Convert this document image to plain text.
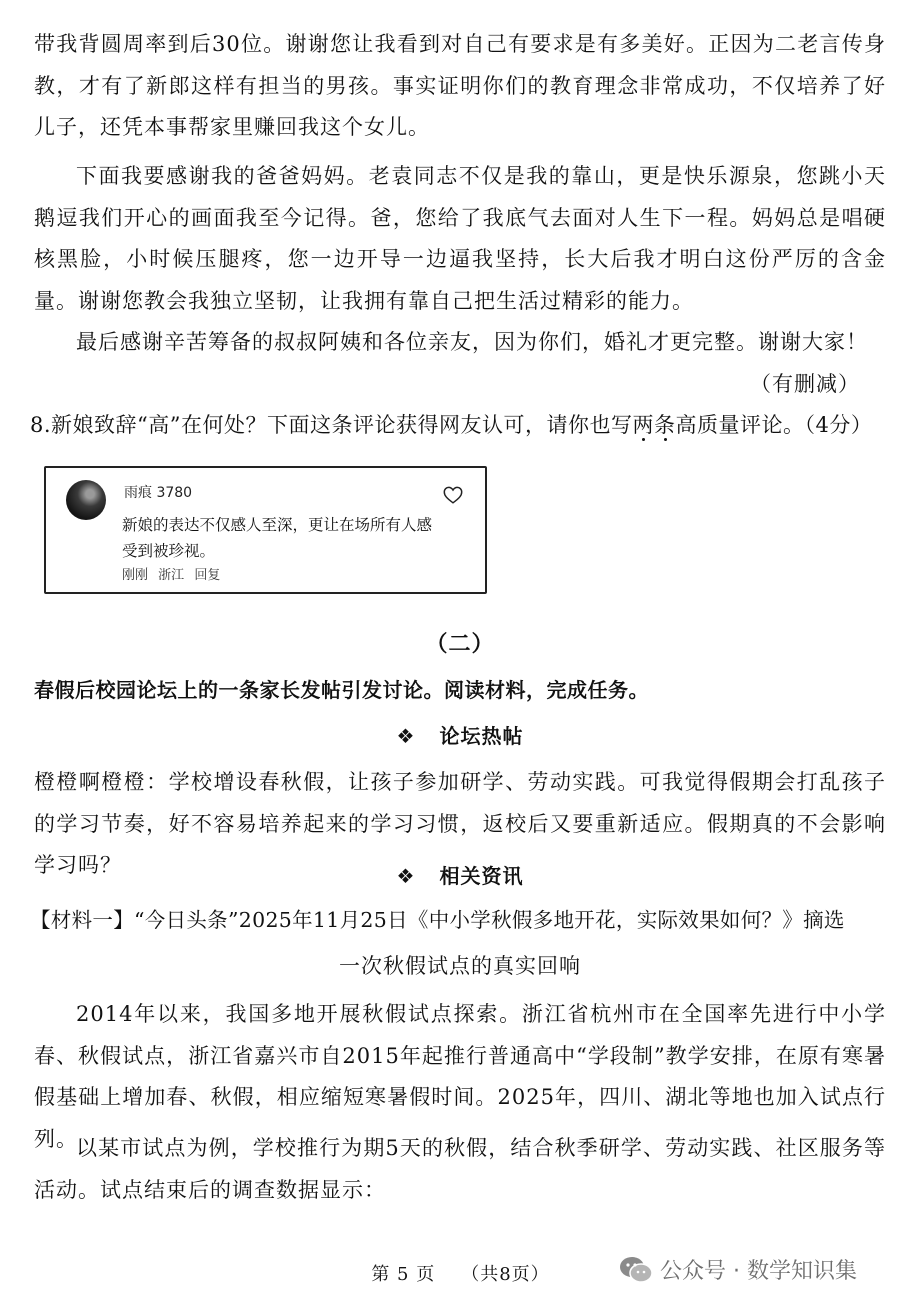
带我背圆周率到后30位。谢谢您让我看到对自己有要求是有多美好。正因为二老言传身教，才有了新郎这样有担当的男孩。事实证明你们的教育理念非常成功，不仅培养了好儿子，还凭本事帮家里赚回我这个女儿。

下面我要感谢我的爸爸妈妈。老袁同志不仅是我的靠山，更是快乐源泉，您跳小天鹅逗我们开心的画面我至今记得。爸，您给了我底气去面对人生下一程。妈妈总是唱硬核黑脸，小时候压腿疼，您一边开导一边逼我坚持，长大后我才明白这份严厉的含金量。谢谢您教会我独立坚韧，让我拥有靠自己把生活过精彩的能力。

最后感谢辛苦筹备的叔叔阿姨和各位亲友，因为你们，婚礼才更完整。谢谢大家！

（有删减）

8.新娘致辞“高”在何处？下面这条评论获得网友认可，请你也写两条高质量评论。（4分）

雨痕 3780
新娘的表达不仅感人至深，更让在场所有人感受到被珍视。
刚刚 浙江 回复

（二）

春假后校园论坛上的一条家长发帖引发讨论。阅读材料，完成任务。

❖ 论坛热帖

橙橙啊橙橙：学校增设春秋假，让孩子参加研学、劳动实践。可我觉得假期会打乱孩子的学习节奏，好不容易培养起来的学习习惯，返校后又要重新适应。假期真的不会影响学习吗？	❖ 相关资讯

【材料一】“今日头条”2025年11月25日《中小学秋假多地开花，实际效果如何？》摘选

一次秋假试点的真实回响

2014年以来，我国多地开展秋假试点探索。浙江省杭州市在全国率先进行中小学春、秋假试点，浙江省嘉兴市自2015年起推行普通高中“学段制”教学安排，在原有寒暑假基础上增加春、秋假，相应缩短寒暑假时间。2025年，四川、湖北等地也加入试点行列。

以某市试点为例，学校推行为期5天的秋假，结合秋季研学、劳动实践、社区服务等活动。试点结束后的调查数据显示：

第 5 页 （共8页）	公众号 · 数学知识集
